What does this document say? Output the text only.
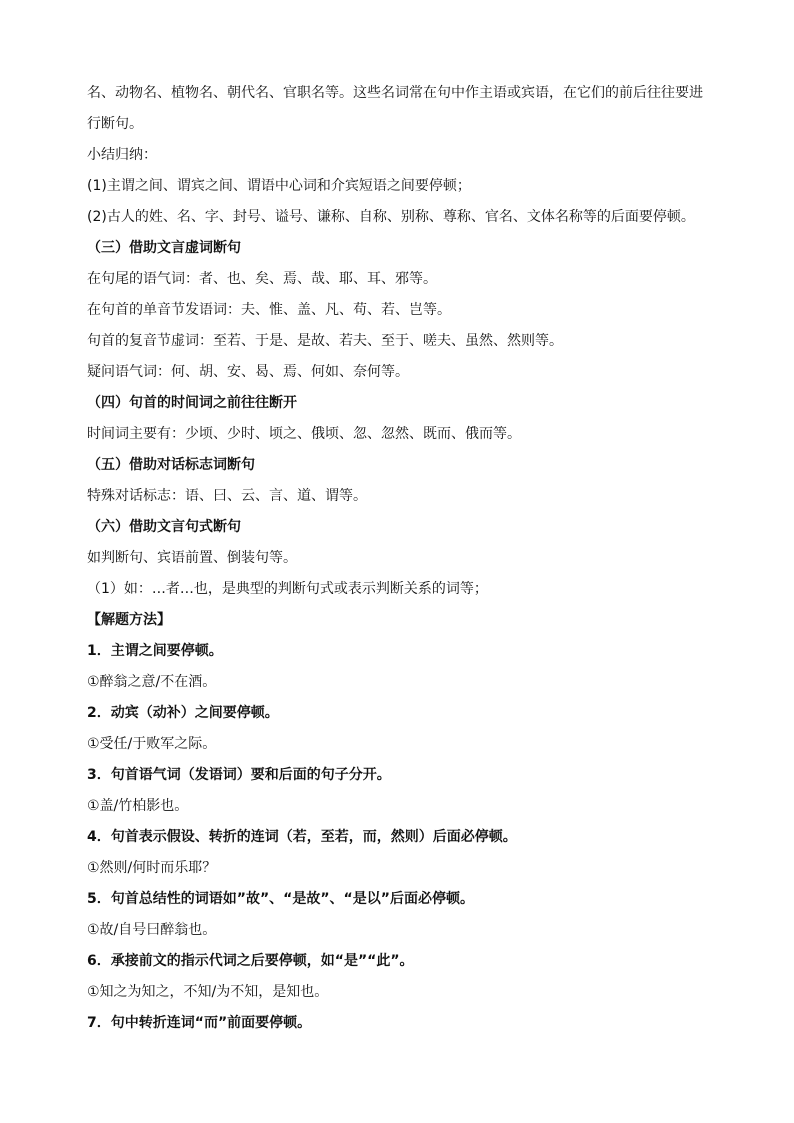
名、动物名、植物名、朝代名、官职名等。这些名词常在句中作主语或宾语，在它们的前后往往要进

行断句。

小结归纳：

(1)主谓之间、谓宾之间、谓语中心词和介宾短语之间要停顿；

(2)古人的姓、名、字、封号、谥号、谦称、自称、别称、尊称、官名、文体名称等的后面要停顿。

（三）借助文言虚词断句

在句尾的语气词：者、也、矣、焉、哉、耶、耳、邪等。

在句首的单音节发语词：夫、惟、盖、凡、苟、若、岂等。

句首的复音节虚词：至若、于是、是故、若夫、至于、嗟夫、虽然、然则等。

疑问语气词：何、胡、安、曷、焉、何如、奈何等。

（四）句首的时间词之前往往断开

时间词主要有：少顷、少时、顷之、俄顷、忽、忽然、既而、俄而等。

（五）借助对话标志词断句

特殊对话标志：语、曰、云、言、道、谓等。

（六）借助文言句式断句

如判断句、宾语前置、倒装句等。

（1）如：…者…也，是典型的判断句式或表示判断关系的词等；

【解题方法】

1．主谓之间要停顿。

①醉翁之意/不在酒。

2．动宾（动补）之间要停顿。

①受任/于败军之际。

3．句首语气词（发语词）要和后面的句子分开。

①盖/竹柏影也。

4．句首表示假设、转折的连词（若，至若，而，然则）后面必停顿。

①然则/何时而乐耶？

5．句首总结性的词语如”故”、“是故”、“是以”后面必停顿。

①故/自号曰醉翁也。

6．承接前文的指示代词之后要停顿，如“是”“此”。

①知之为知之，不知/为不知，是知也。

7．句中转折连词“而”前面要停顿。
